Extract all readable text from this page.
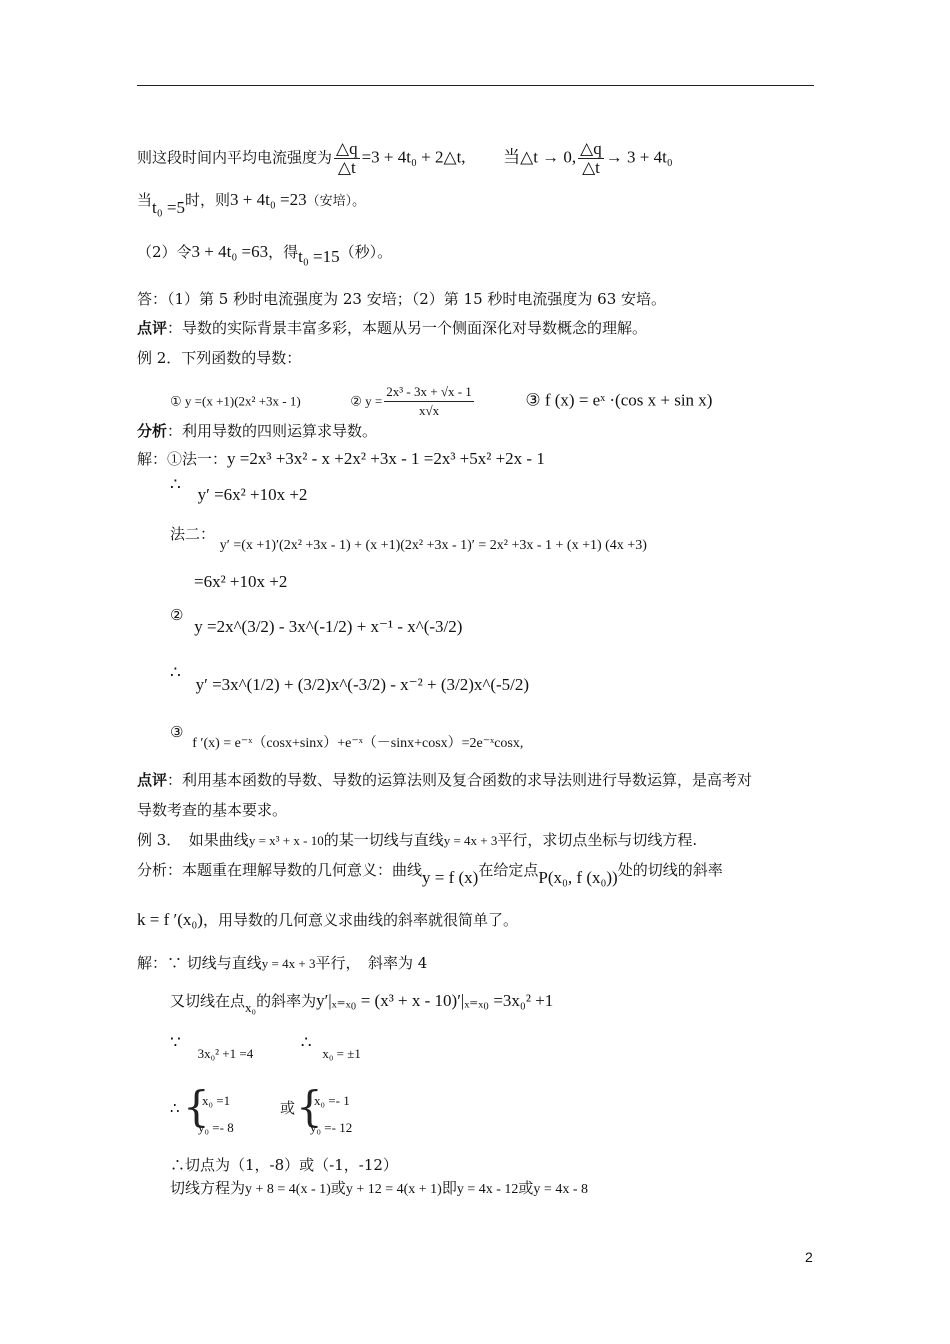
则这段时间内平均电流强度为 $\frac{\triangle q}{\triangle t} =3 + 4t_0$ + 2△t, 当△t → 0, $\frac{\triangle q}{\triangle t} \to 3 + 4t_0$
当t₀ =5时，则3 + 4t₀ =23（安培）。
（2）令3 + 4t₀ =63，得t₀ =15（秒）。
答：（1）第 5 秒时电流强度为 23 安培；（2）第 15 秒时电流强度为 63 安培。
点评：导数的实际背景丰富多彩，本题从另一个侧面深化对导数概念的理解。
例 2．下列函数的导数：
① y =(x +1)(2x² +3x - 1)	② $y = \frac{\text{2x³ - 3x + √x - 1}}{x√x}$	③ f (x) = eˣ ·(cos x + sin x)
分析：利用导数的四则运算求导数。
解：①法一：y =2x³ +3x² - x +2x² +3x - 1 =2x³ +5x² +2x - 1
∴ y′ =6x² +10x +2
法二： y′ =(x +1)′(2x² +3x - 1) + (x +1)(2x² +3x - 1)′ = 2x² +3x - 1 + (x +1) (4x +3)
=6x² +10x +2
② y =2x^(3/2) - 3x^(-1/2) + x⁻¹ - x^(-3/2)
∴ y′ =3x^(1/2) + (3/2)x^(-3/2) - x⁻² + (3/2)x^(-5/2)
③ f ′(x) = e⁻ˣ（cosx+sinx）+e⁻ˣ（－sinx+cosx）=2e⁻ˣcosx,
点评：利用基本函数的导数、导数的运算法则及复合函数的求导法则进行导数运算，是高考对
导数考查的基本要求。
例 3．　如果曲线y = x³ + x - 10的某一切线与直线y = 4x + 3平行，求切点坐标与切线方程.
分析：本题重在理解导数的几何意义：曲线y = f (x)在给定点P(x₀, f (x₀))处的切线的斜率
k = f ′(x₀)，用导数的几何意义求曲线的斜率就很简单了。
解：∵ 切线与直线y = 4x + 3平行，　斜率为 4
又切线在点x₀的斜率为y′|ₓ₌ₓ₀ = (x³ + x - 10)′|ₓ₌ₓ₀ =3x₀² +1
∵ 3x₀² +1 =4  ∴ x₀ = ±1
∴ {
x₀ =1
y₀ =- 8
或 {
x₀ =- 1
y₀ =- 12
∴切点为（1，-8）或（-1，-12）
切线方程为y + 8 = 4(x - 1)或y + 12 = 4(x + 1)即y = 4x - 12或y = 4x - 8
2
